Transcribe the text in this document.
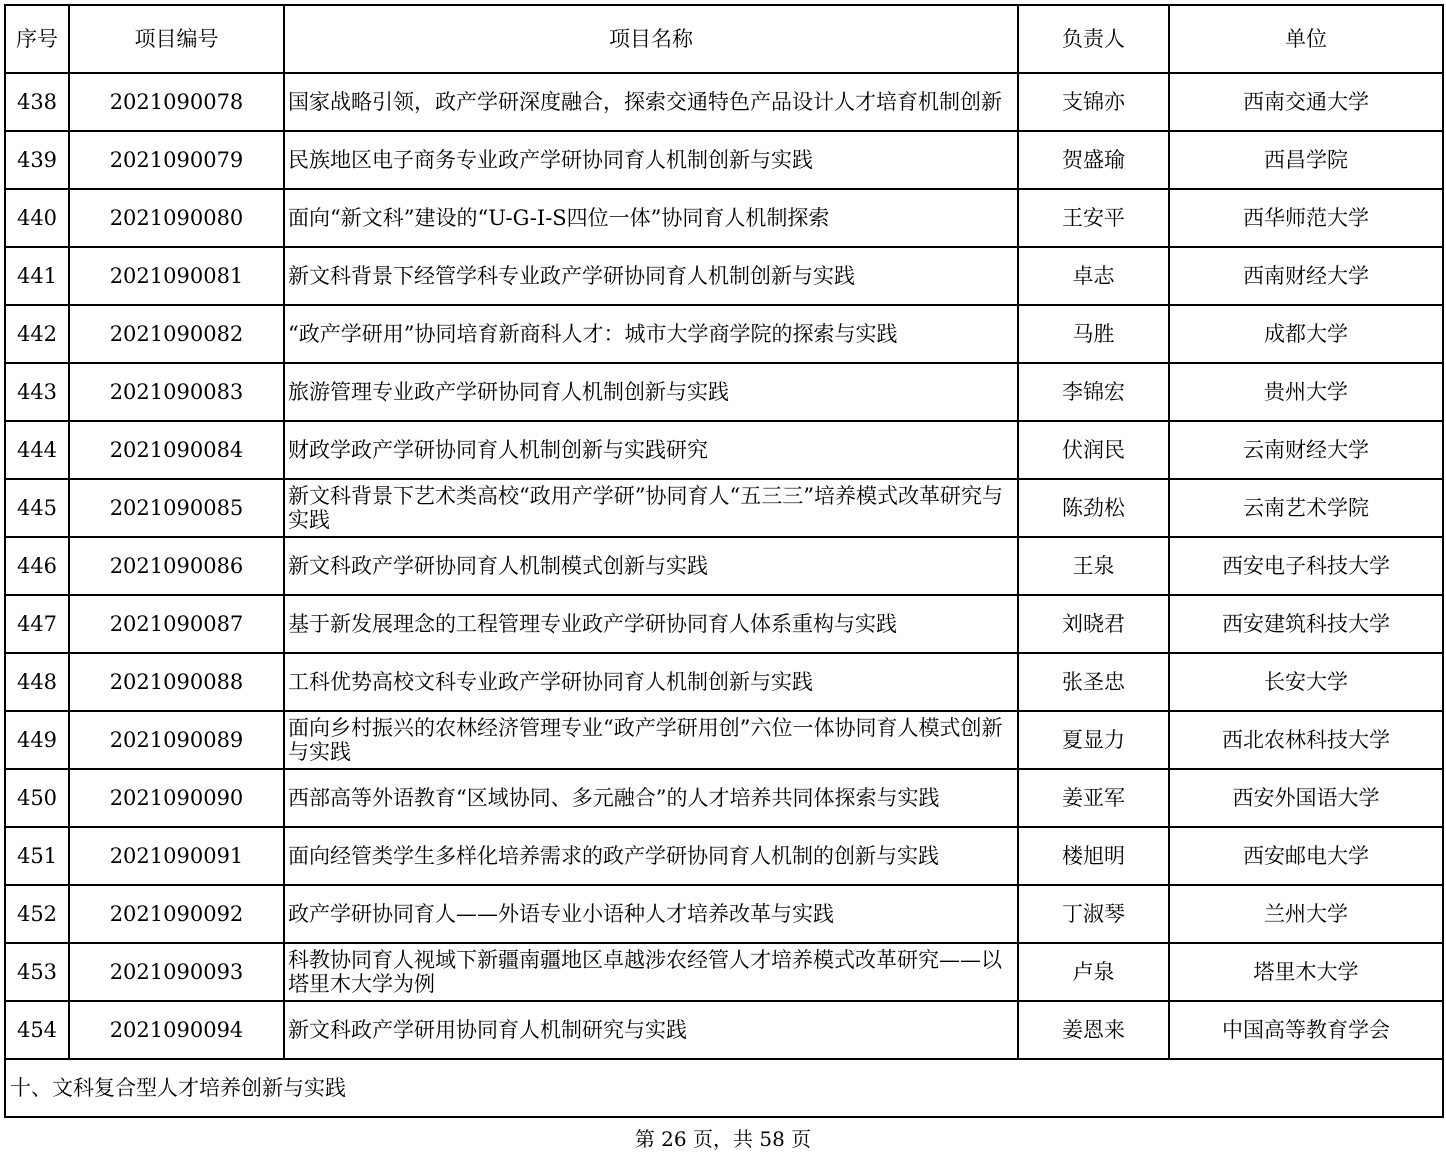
序号	项目编号	项目名称	负责人	单位
438	2021090078	国家战略引领，政产学研深度融合，探索交通特色产品设计人才培育机制创新	支锦亦	西南交通大学
439	2021090079	民族地区电子商务专业政产学研协同育人机制创新与实践	贺盛瑜	西昌学院
440	2021090080	面向“新文科”建设的“U-G-I-S四位一体”协同育人机制探索	王安平	西华师范大学
441	2021090081	新文科背景下经管学科专业政产学研协同育人机制创新与实践	卓志	西南财经大学
442	2021090082	“政产学研用”协同培育新商科人才：城市大学商学院的探索与实践	马胜	成都大学
443	2021090083	旅游管理专业政产学研协同育人机制创新与实践	李锦宏	贵州大学
444	2021090084	财政学政产学研协同育人机制创新与实践研究	伏润民	云南财经大学
445	2021090085	新文科背景下艺术类高校“政用产学研”协同育人“五三三”培养模式改革研究与实践	陈劲松	云南艺术学院
446	2021090086	新文科政产学研协同育人机制模式创新与实践	王泉	西安电子科技大学
447	2021090087	基于新发展理念的工程管理专业政产学研协同育人体系重构与实践	刘晓君	西安建筑科技大学
448	2021090088	工科优势高校文科专业政产学研协同育人机制创新与实践	张圣忠	长安大学
449	2021090089	面向乡村振兴的农林经济管理专业“政产学研用创”六位一体协同育人模式创新与实践	夏显力	西北农林科技大学
450	2021090090	西部高等外语教育“区域协同、多元融合”的人才培养共同体探索与实践	姜亚军	西安外国语大学
451	2021090091	面向经管类学生多样化培养需求的政产学研协同育人机制的创新与实践	楼旭明	西安邮电大学
452	2021090092	政产学研协同育人——外语专业小语种人才培养改革与实践	丁淑琴	兰州大学
453	2021090093	科教协同育人视域下新疆南疆地区卓越涉农经管人才培养模式改革研究——以塔里木大学为例	卢泉	塔里木大学
454	2021090094	新文科政产学研用协同育人机制研究与实践	姜恩来	中国高等教育学会
十、文科复合型人才培养创新与实践				
第 26 页，共 58 页
